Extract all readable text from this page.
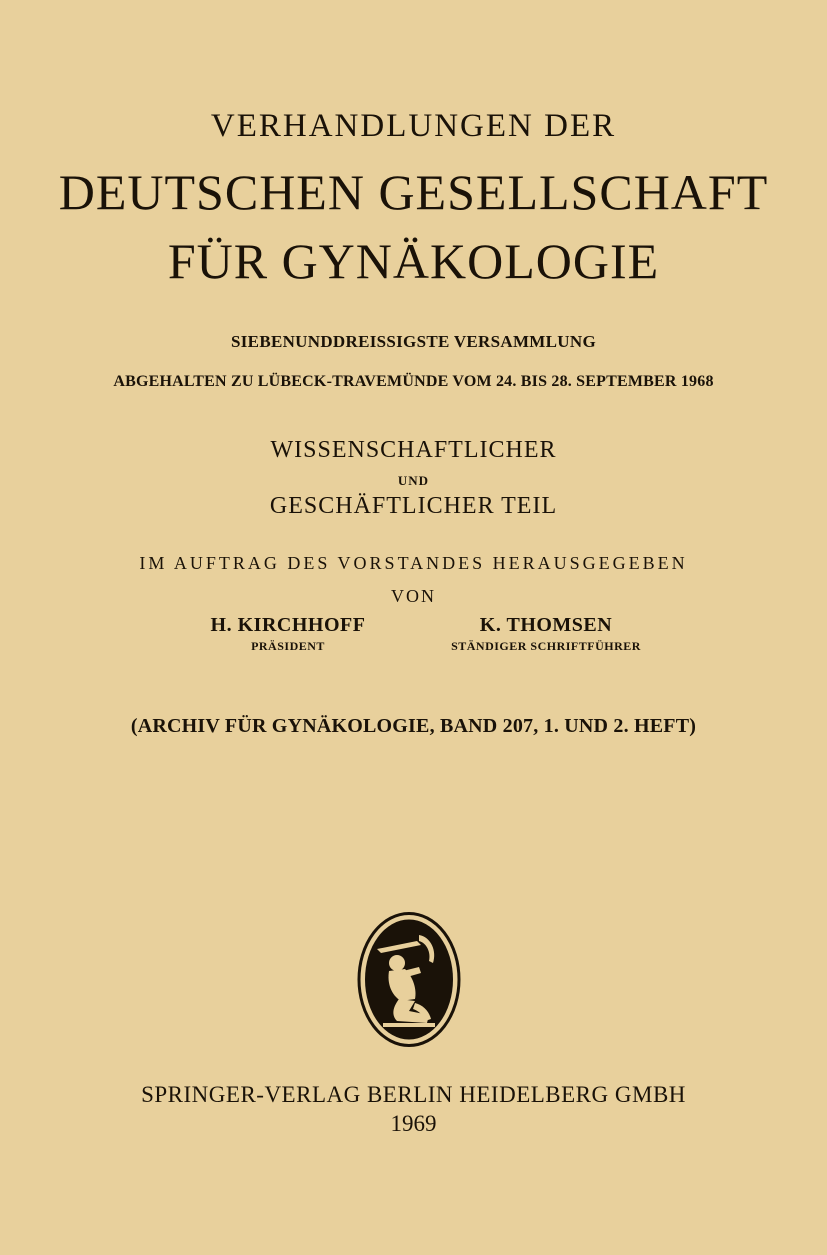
VERHANDLUNGEN DER
DEUTSCHEN GESELLSCHAFT
FÜR GYNÄKOLOGIE
SIEBENUNDDREISSIGSTE VERSAMMLUNG
ABGEHALTEN ZU LÜBECK-TRAVEMÜNDE VOM 24. BIS 28. SEPTEMBER 1968
WISSENSCHAFTLICHER
UND
GESCHÄFTLICHER TEIL
IM AUFTRAG DES VORSTANDES HERAUSGEGEBEN
VON
H. KIRCHHOFF
PRÄSIDENT
K. THOMSEN
STÄNDIGER SCHRIFTFÜHRER
(ARCHIV FÜR GYNÄKOLOGIE, BAND 207, 1. UND 2. HEFT)
SPRINGER-VERLAG BERLIN HEIDELBERG GMBH
1969
